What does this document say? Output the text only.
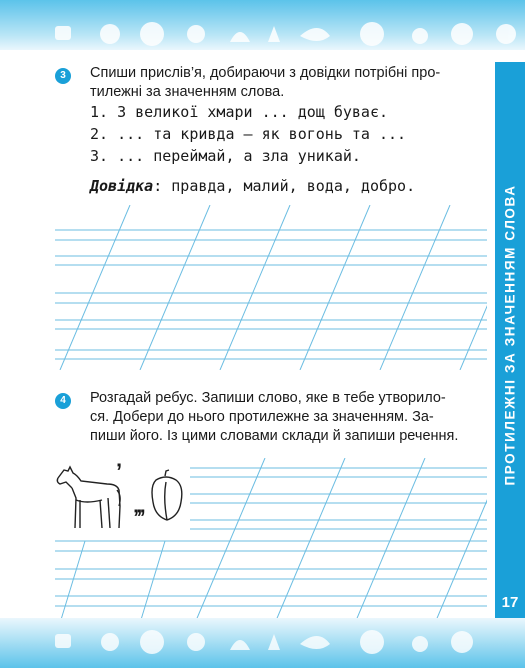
3	Спиши прислів’я, добираючи з довідки потрібні про-
тилежні за значенням слова.
1. З великої хмари ... дощ буває.
2. ... та кривда — як вогонь та ...
3. ... переймай, а зла уникай.
Довідка: правда, малий, вода, добро.
4	Розгадай ребус. Запиши слово, яке в тебе утворило-
ся. Добери до нього протилежне за значенням. За-
пиши його. Із цими словами склади й запиши речення.
’
’’’
ПРОТИЛЕЖНІ ЗА ЗНАЧЕННЯМ СЛОВА
17
